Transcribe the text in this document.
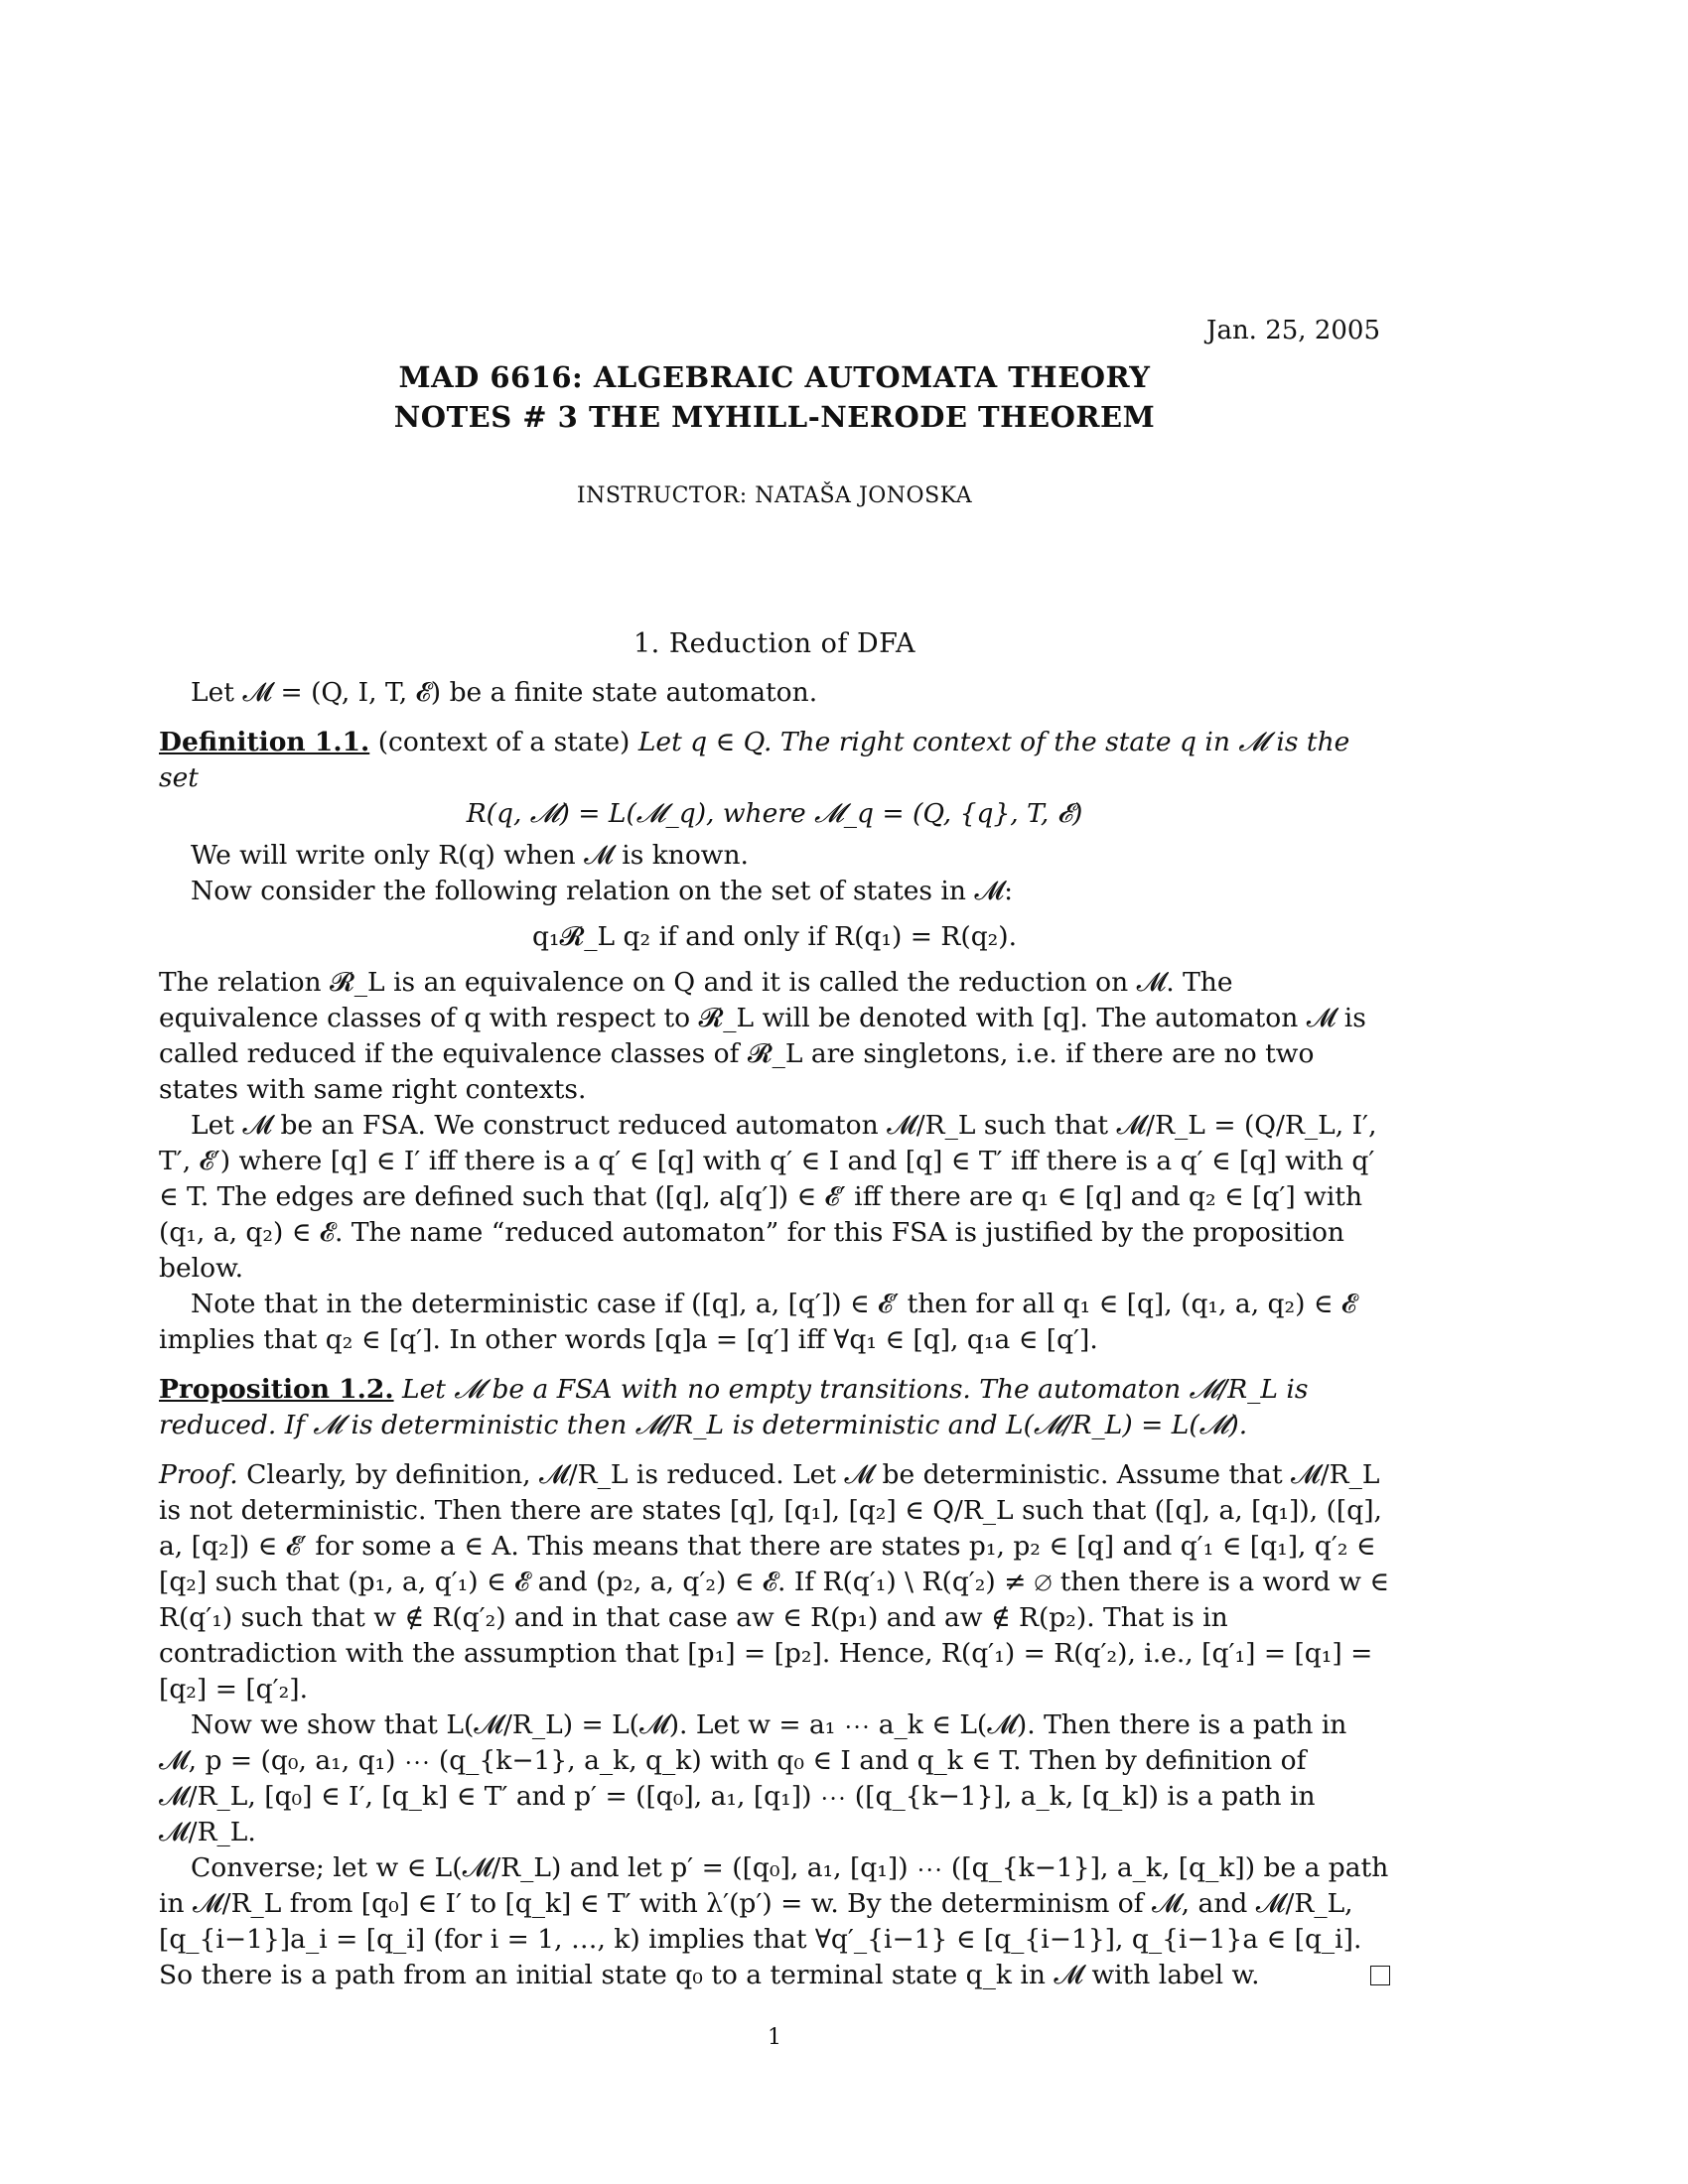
Jan. 25, 2005
MAD 6616: ALGEBRAIC AUTOMATA THEORY
NOTES # 3 THE MYHILL-NERODE THEOREM
INSTRUCTOR: NATAŠA JONOSKA
1. Reduction of DFA

Let 𝓜 = (Q, I, T, 𝓔) be a finite state automaton.

Definition 1.1. (context of a state) Let q ∈ Q. The right context of the state q in 𝓜 is the set

R(q, 𝓜) = L(𝓜_q), where 𝓜_q = (Q, {q}, T, 𝓔)

We will write only R(q) when 𝓜 is known.

Now consider the following relation on the set of states in 𝓜:

q₁𝓡_L q₂ if and only if R(q₁) = R(q₂).

The relation 𝓡_L is an equivalence on Q and it is called the reduction on 𝓜. The equivalence classes of q with respect to 𝓡_L will be denoted with [q]. The automaton 𝓜 is called reduced if the equivalence classes of 𝓡_L are singletons, i.e. if there are no two states with same right contexts.

Let 𝓜 be an FSA. We construct reduced automaton 𝓜/R_L such that 𝓜/R_L = (Q/R_L, I′, T′, 𝓔′) where [q] ∈ I′ iff there is a q′ ∈ [q] with q′ ∈ I and [q] ∈ T′ iff there is a q′ ∈ [q] with q′ ∈ T. The edges are defined such that ([q], a[q′]) ∈ 𝓔′ iff there are q₁ ∈ [q] and q₂ ∈ [q′] with (q₁, a, q₂) ∈ 𝓔. The name “reduced automaton” for this FSA is justified by the proposition below.

Note that in the deterministic case if ([q], a, [q′]) ∈ 𝓔′ then for all q₁ ∈ [q], (q₁, a, q₂) ∈ 𝓔 implies that q₂ ∈ [q′]. In other words [q]a = [q′] iff ∀q₁ ∈ [q], q₁a ∈ [q′].

Proposition 1.2. Let 𝓜 be a FSA with no empty transitions. The automaton 𝓜/R_L is reduced. If 𝓜 is deterministic then 𝓜/R_L is deterministic and L(𝓜/R_L) = L(𝓜).

Proof. Clearly, by definition, 𝓜/R_L is reduced. Let 𝓜 be deterministic. Assume that 𝓜/R_L is not deterministic. Then there are states [q], [q₁], [q₂] ∈ Q/R_L such that ([q], a, [q₁]), ([q], a, [q₂]) ∈ 𝓔′ for some a ∈ A. This means that there are states p₁, p₂ ∈ [q] and q′₁ ∈ [q₁], q′₂ ∈ [q₂] such that (p₁, a, q′₁) ∈ 𝓔 and (p₂, a, q′₂) ∈ 𝓔. If R(q′₁) \ R(q′₂) ≠ ∅ then there is a word w ∈ R(q′₁) such that w ∉ R(q′₂) and in that case aw ∈ R(p₁) and aw ∉ R(p₂). That is in contradiction with the assumption that [p₁] = [p₂]. Hence, R(q′₁) = R(q′₂), i.e., [q′₁] = [q₁] = [q₂] = [q′₂].

Now we show that L(𝓜/R_L) = L(𝓜). Let w = a₁ ⋯ a_k ∈ L(𝓜). Then there is a path in 𝓜, p = (q₀, a₁, q₁) ⋯ (q_{k−1}, a_k, q_k) with q₀ ∈ I and q_k ∈ T. Then by definition of 𝓜/R_L, [q₀] ∈ I′, [q_k] ∈ T′ and p′ = ([q₀], a₁, [q₁]) ⋯ ([q_{k−1}], a_k, [q_k]) is a path in 𝓜/R_L.

Converse; let w ∈ L(𝓜/R_L) and let p′ = ([q₀], a₁, [q₁]) ⋯ ([q_{k−1}], a_k, [q_k]) be a path in 𝓜/R_L from [q₀] ∈ I′ to [q_k] ∈ T′ with λ′(p′) = w. By the determinism of 𝓜, and 𝓜/R_L, [q_{i−1}]a_i = [q_i] (for i = 1, …, k) implies that ∀q′_{i−1} ∈ [q_{i−1}], q_{i−1}a ∈ [q_i]. So there is a path from an initial state q₀ to a terminal state q_k in 𝓜 with label w.

1
